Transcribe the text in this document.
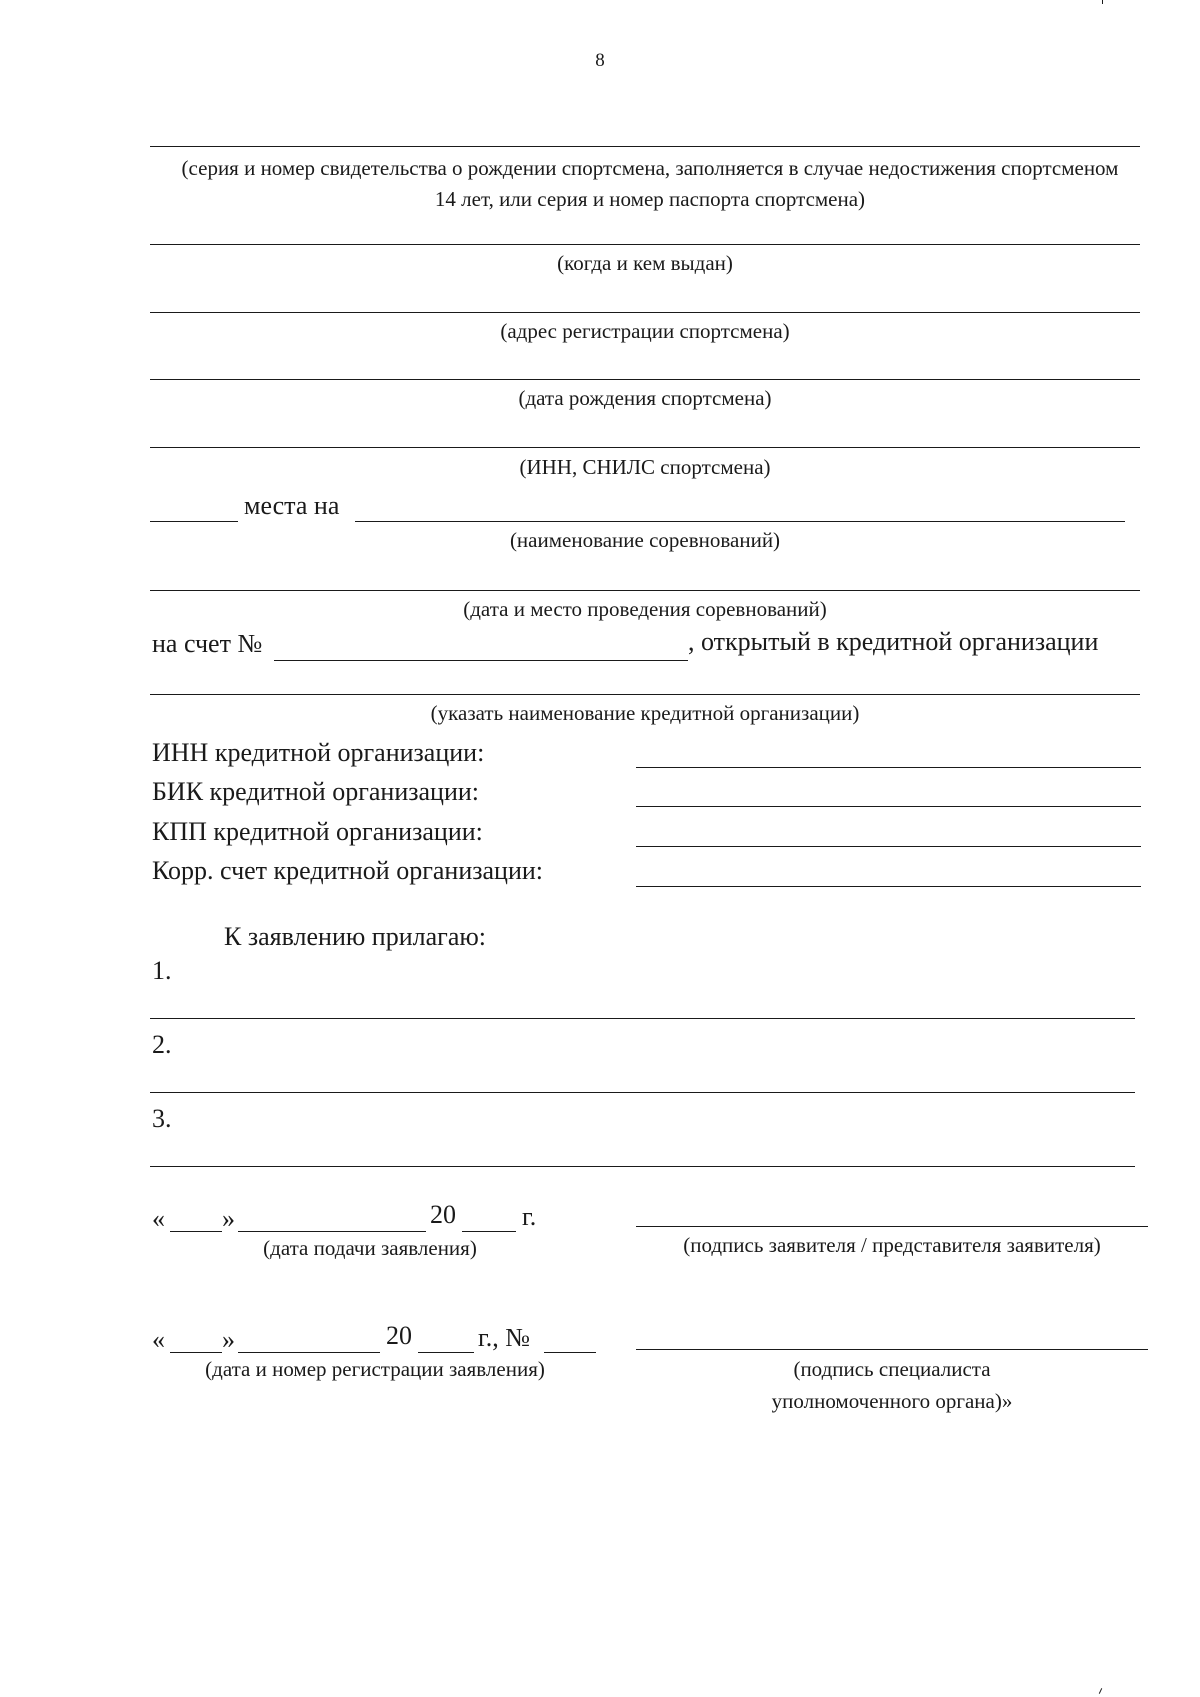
8
(серия и номер свидетельства о рождении спортсмена, заполняется в случае недостижения спортсменом 14 лет, или серия и номер паспорта спортсмена)
(когда и кем выдан)
(адрес регистрации спортсмена)
(дата рождения спортсмена)
(ИНН, СНИЛС спортсмена)
места на
(наименование соревнований)
(дата и место проведения соревнований)
на счет №	, открытый в кредитной организации
(указать наименование кредитной организации)
ИНН кредитной организации:
БИК кредитной организации:
КПП кредитной организации:
Корр. счет кредитной организации:
К заявлению прилагаю:
1.
2.
3.
« »	20	г.
(дата подачи заявления)	(подпись заявителя / представителя заявителя)
« »	20	г., №
(дата и номер регистрации заявления)	(подпись специалиста
уполномоченного органа)»
